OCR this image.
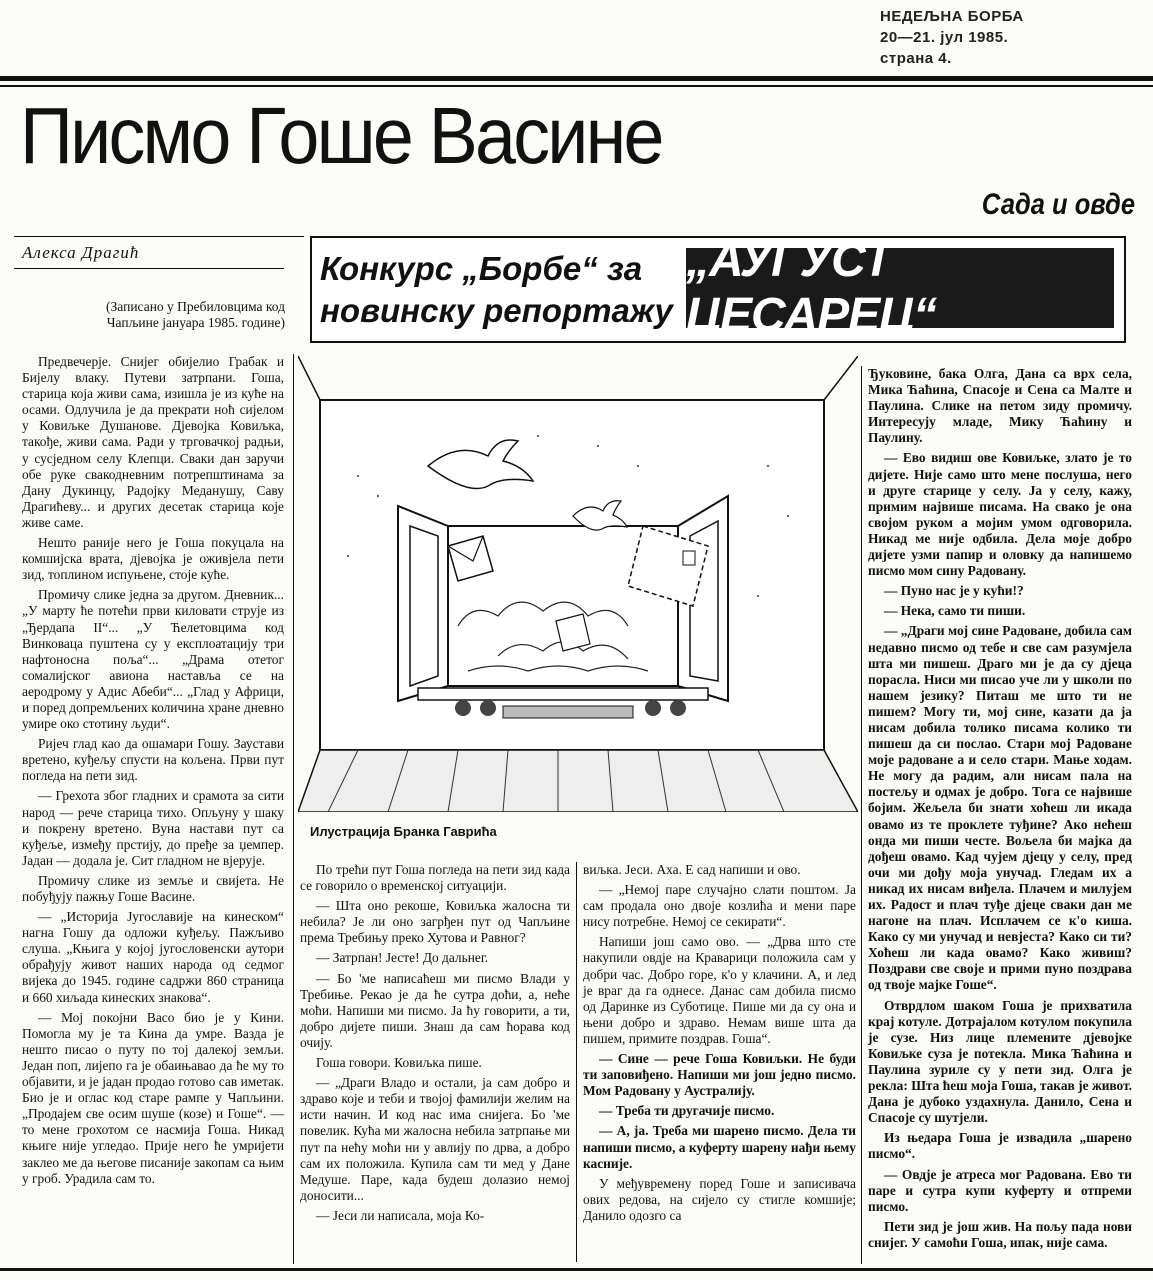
НЕДЕЉНА БОРБА
20—21. јул 1985.
страна 4.
Писмо Гоше Васине
Сада и овде
Алекса Драгић
(Записано у Пребиловцима код Чапљине јануара 1985. године)
Конкурс „Борбе“ за новинску репортажу
„АУГУСТ ЦЕСАРЕЦ“
Илустрација Бранка Гаврића

Предвечерје. Снијег обијелио Грабак и Бијелу влаку. Путеви затрпани. Гоша, старица која живи сама, изишла је из куће на осами. Одлучила је да прекрати ноћ сијелом у Ковиљке Душанове. Дјевојка Ковиљка, такође, живи сама. Ради у трговачкој радњи, у сусједном селу Клепци. Сваки дан заручи обе руке свакодневним потрепштинама за Дану Дукинцу, Радојку Меданушу, Саву Драгићеву... и других десетак старица које живе саме.

Нешто раније него је Гоша покуцала на комшијска врата, дјевојка је оживјела пети зид, топлином испуњене, стоје куће.

Промичу слике једна за другом. Дневник... „У марту ће потећи први киловати струје из „Ђердапа II“... „У Ћелетовцима код Винковаца пуштена су у експлоатацију три нафтоносна поља“... „Драма отетог сомалијског авиона наставља се на аеродрому у Адис Абеби“... „Глад у Африци, и поред допремљених количина хране дневно умире око стотину људи“.

Ријеч глад као да ошамари Гошу. Заустави вретено, куђељу спусти на кољена. Први пут погледа на пети зид.

— Грехота због гладних и срамота за сити народ — рече старица тихо. Опљуну у шаку и покрену вретено. Вуна настави пут са куђеље, између прстију, до пређе за џемпер. Јадан — додала је. Сит гладном не вјерује.

Промичу слике из земље и свијета. Не побуђују пажњу Гоше Васине.

— „Историја Југославије на кинеском“ нагна Гошу да одложи куђељу. Пажљиво слуша. „Књига у којој југословенски аутори обрађују живот наших народа од седмог вијека до 1945. године садржи 860 страница и 660 хиљада кинеских знакова“.

— Мој покојни Васо био је у Кини. Помогла му је та Кина да умре. Вазда је нешто писао о путу по тој далекој земљи. Један поп, лијепо га је обаињавао да ће му то објавити, и је јадан продао готово сав иметак. Био је и оглас код старе рампе у Чапљини. „Продајем све осим шуше (козе) и Гоше“. — то мене грохотом се насмија Гоша. Никад књиге није угледао. Прије него ће умријети заклео ме да његове писаније закопам са њим у гроб. Урадила сам то.

По трећи пут Гоша погледа на пети зид када се говорило о временској ситуацији.

— Шта оно рекоше, Ковиљка жалосна ти небила? Је ли оно загрђен пут од Чапљине према Требињу преко Хутова и Равног?

— Затрпан! Јесте! До дальнег.

— Бо 'ме написаћеш ми писмо Влади у Требиње. Рекао је да ће сутра доћи, а, неће моћи. Напиши ми писмо. Ја ћу говорити, а ти, добро дијете пиши. Знаш да сам ћорава код очију.

Гоша говори. Ковиљка пише.

— „Драги Владо и остали, ја сам добро и здраво које и теби и твојој фамилији желим на исти начин. И код нас има снијега. Бо 'ме повелик. Кућа ми жалосна небила затрпање ми пут па нећу моћи ни у авлију по дрва, а добро сам их положила. Купила сам ти мед у Дане Медуше. Паре, када будеш долазио немој доносити...

— Јеси ли написала, моја Ко-

виљка. Јеси. Аха. Е сад напиши и ово.

— „Немој паре случајно слати поштом. Ја сам продала оно двоје козлића и мени паре нису потребне. Немој се секирати“.

Напиши још само ово. — „Дрва што сте накупили овдје на Краварици положила сам у добри час. Добро горе, к'о у клачини. А, и лед је враг да га однесе. Данас сам добила писмо од Даринке из Суботице. Пише ми да су она и њени добро и здраво. Немам више шта да пишем, примите поздрав. Гоша“.

— Сине — рече Гоша Ковиљки. Не буди ти заповиђено. Напиши ми још једно писмо. Мом Радовану у Аустралију.

— Треба ти другачије писмо.

— А, ја. Треба ми шарено писмо. Дела ти напиши писмо, а куферту шарену нађи њему касније.

У међувремену поред Гоше и записивача ових редова, на сијело су стигле комшије; Данило одозго са

Ђуковине, бака Олга, Дана са врх села, Мика Ћаћина, Спасоје и Сена са Малте и Паулина. Слике на петом зиду промичу. Интересују младе, Мику Ћаћину и Паулину.

— Ево видиш ове Ковиљке, злато је то дијете. Није само што мене послуша, него и друге старице у селу. Ја у селу, кажу, примим највише писама. На свако је она својом руком а мојим умом одговорила. Никад ме није одбила. Дела моје добро дијете узми папир и оловку да напишемо писмо мом сину Радовану.

— Пуно нас је у кући!?

— Нека, само ти пиши.

— „Драги мој сине Радоване, добила сам недавно писмо од тебе и све сам разумјела шта ми пишеш. Драго ми је да су дјеца порасла. Ниси ми писао уче ли у школи по нашем језику? Питаш ме што ти не пишем? Могу ти, мој сине, казати да ја нисам добила толико писама колико ти пишеш да си послао. Стари мој Радоване моје радоване а и село стари. Мање ходам. Не могу да радим, али нисам пала на постељу и одмах је добро. Тога се највише бојим. Жељела би знати хоћеш ли икада овамо из те проклете туђине? Ако нећеш онда ми пиши честе. Вољела би мајка да дођеш овамо. Кад чујем дјецу у селу, пред очи ми дођу моја унучад. Гледам их а никад их нисам виђела. Плачем и милујем их. Радост и плач туђе дјеце сваки дан ме нагоне на плач. Исплачем се к'о киша. Како су ми унучад и невјеста? Како си ти? Хоћеш ли када овамо? Како живиш? Поздрави све своје и прими пуно поздрава од твоје мајке Гоше“.

Отврдлом шаком Гоша је прихватила крај котуле. Дотрајалом котулом покупила је сузе. Низ лице племените дјевојке Ковиљке суза је потекла. Мика Ћаћина и Паулина зуриле су у пети зид. Олга је рекла: Шта ћеш моја Гоша, такав је живот. Дана је дубоко уздахнула. Данило, Сена и Спасоје су шутјели.

Из њедара Гоша је извадила „шарено писмо“.

— Овдје је атреса мог Радована. Ево ти паре и сутра купи куферту и отпреми писмо.

Пети зид је још жив. На пољу пада нови снијег. У самоћи Гоша, ипак, није сама.
